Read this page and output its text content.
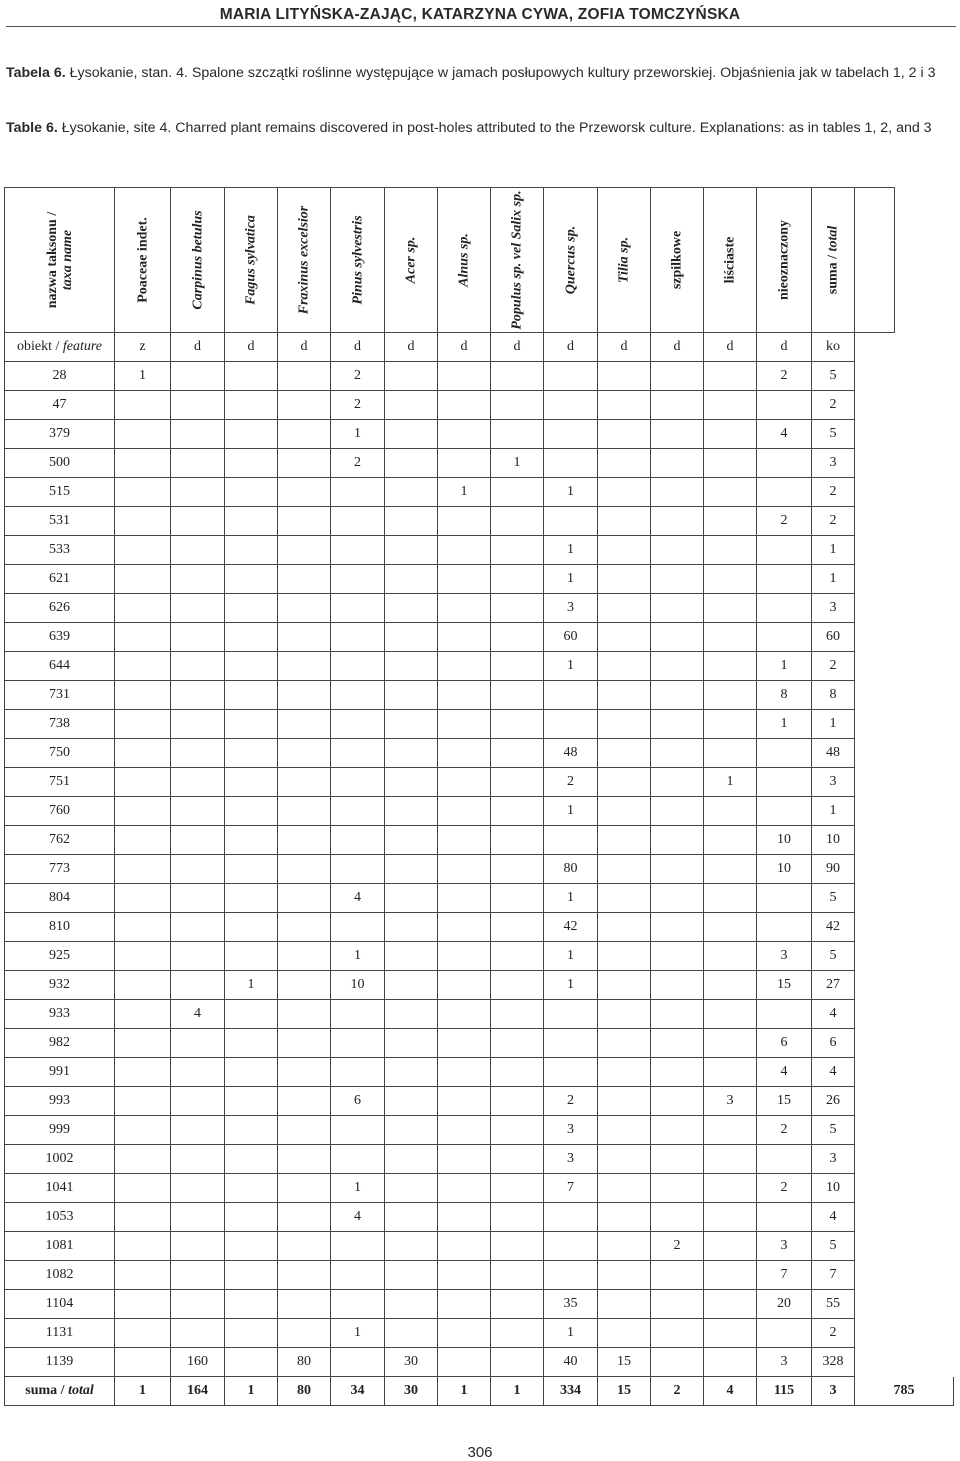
MARIA LITYŃSKA-ZAJĄC, KATARZYNA CYWA, ZOFIA TOMCZYŃSKA
Tabela 6. Łysokanie, stan. 4. Spalone szczątki roślinne występujące w jamach posłupowych kultury przeworskiej. Objaśnienia jak w tabelach 1, 2 i 3
Table 6. Łysokanie, site 4. Charred plant remains discovered in post-holes attributed to the Przeworsk culture. Explanations: as in tables 1, 2, and 3
nazwa taksonu /
taxa name	Poaceae indet.	Carpinus betulus	Fagus sylvatica	Fraxinus excelsior	Pinus sylvestris	Acer sp.	Alnus sp.	Populus sp. vel Salix sp.	Quercus sp.	Tilia sp.	szpilkowe	liściaste	nieoznaczony	suma / total	

obiekt / feature	z	d	d	d	d	d	d	d	d	d	d	d	d	ko	
28	1				2								2	5	
47					2									2	
379					1								4	5	
500					2			1						3	
515							1		1					2	
531													2	2	
533									1					1	
621									1					1	
626									3					3	
639									60					60	
644									1				1	2	
731													8	8	
738													1	1	
750									48					48	
751									2			1		3	
760									1					1	
762													10	10	
773									80				10	90	
804					4				1					5	
810									42					42	
925					1				1				3	5	
932			1		10				1				15	27	
933		4												4	
982													6	6	
991													4	4	
993					6				2			3	15	26	
999									3				2	5	
1002									3					3	
1041					1				7				2	10	
1053					4									4	
1081											2		3	5	
1082													7	7	
1104									35				20	55	
1131					1				1					2	
1139		160		80		30			40	15			3	328	
suma / total	1	164	1	80	34	30	1	1	334	15	2	4	115	3	785
306
